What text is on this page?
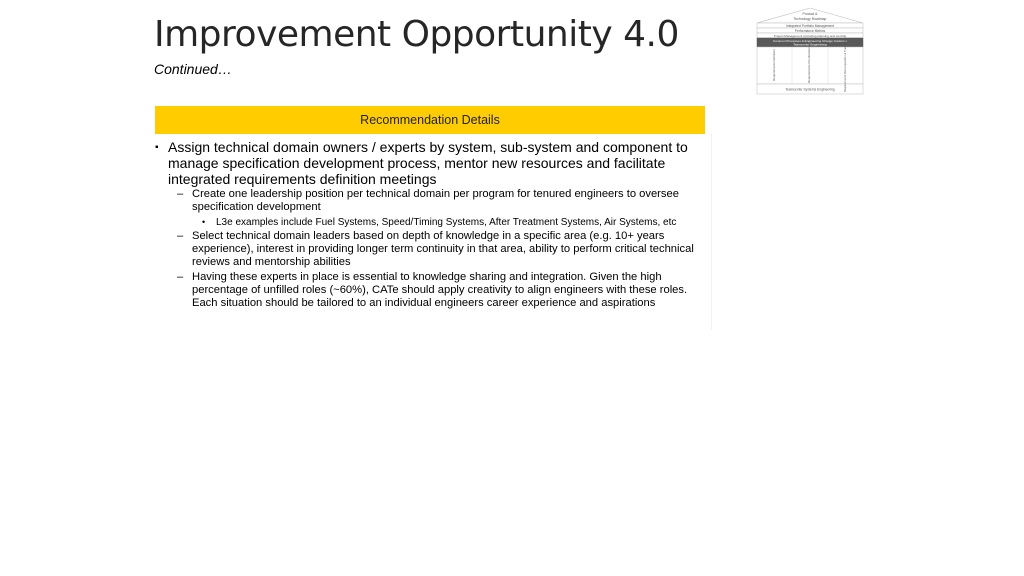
Improvement Opportunity 4.0
Continued…
Product &
Technology Roadmap
Integrated Portfolio Management
Performance Metrics
Project Management (including planning and control)
Common Processes & Engineering Change Control in
Teamcenter Engineering
Requirements Definition	Requirements Prioritization	Requirements Decomposition & Traceability
Teamcenter Systems Engineering
Recommendation Details
▪ Assign technical domain owners / experts by system, sub-system and component to manage specification development process, mentor new resources and facilitate integrated requirements definition meetings
– Create one leadership position per technical domain per program for tenured engineers to oversee specification development
• L3e examples include Fuel Systems, Speed/Timing Systems, After Treatment Systems, Air Systems, etc
– Select technical domain leaders based on depth of knowledge in a specific area (e.g. 10+ years experience), interest in providing longer term continuity in that area, ability to perform critical technical reviews and mentorship abilities
– Having these experts in place is essential to knowledge sharing and integration. Given the high percentage of unfilled roles (~60%), CATe should apply creativity to align engineers with these roles. Each situation should be tailored to an individual engineers career experience and aspirations
